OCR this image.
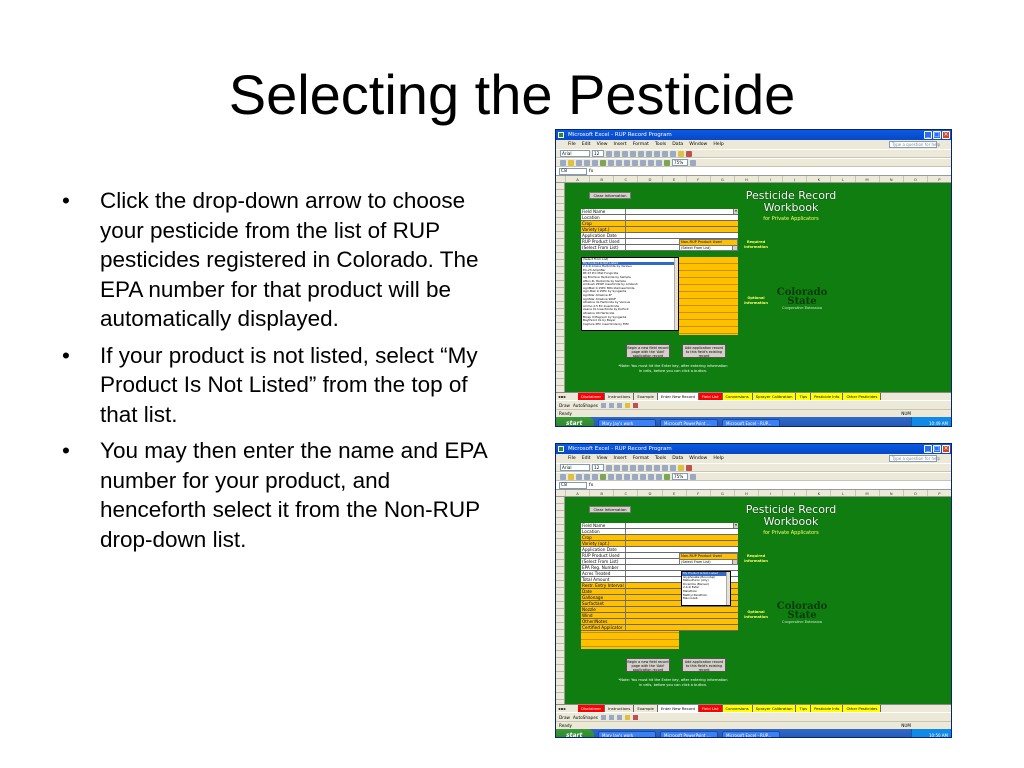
Selecting the Pesticide
• Click the drop-down arrow to choose your pesticide from the list of RUP pesticides registered in Colorado. The EPA number for that product will be automatically displayed.
• If your product is not listed, select “My Product Is Not Listed” from the top of that list.
• You may then enter the name and EPA number for your product, and henceforth select it from the Non-RUP drop-down list.
Microsoft Excel - RUP Record Program	_ □ ×
File Edit View Insert Format Tools Data Window Help	Type a question for help
Arial	12
75%
C8	fx
A	B	C	D	E	F	G	H	I	J	K	L	M	N	O	P
Clear Information	Pesticide Record Workbook
for Private Applicators
Required Information
Optional Information
Colorado State
Cooperative Extension
Field Name	▾
Location
Crop
Variety (opt.)
Application Date
RUP Product Used
(Select From List)
Non-RUP Product Used
(Select From List)
(Select From List)
My Product Is Not Listed
2,4-D Amine Herbicide by Various
EC-23 Amplifier
RT-23 Pro Mist Fungicide
Ag Bromine Herbicide by Sample
Afton 4L Herbicide by Sample
Ambush 25WP Insecticide by Ambush
AgriMek 0.15EC Miticide/Insecticide
Agri-Mek 0.15EC by Syngenta
AgriStar Atrazine 4F
AgriStar Atrazine 90DF
Atrazine 4L Herbicide by Various
Ammo 2.5 EC Insecticide
Asana XL Insecticide by DuPont
Atrazine 90 Herbicide
Bicep II Magnum by Syngenta
Baythroid XL by Bayer
Capture 2EC Insecticide by FMC
Begin a new field record page with the 'Add' application record
Add application record to this field's existing record
*Note: You must hit the Enter key, after entering information in cells, before you can click a button.
◂◂▸▸	Disclaimer	Instructions	Example	Enter New Record	Field List	Conversions	Sprayer Calibration	Tips	Pesticide Info	Other Pesticides
Draw AutoShapes
Ready	NUM
start	Mary Jay's work	Microsoft PowerPoint ...	Microsoft Excel - RUP...	10:49 AM
Microsoft Excel - RUP Record Program	_ □ ×
File Edit View Insert Format Tools Data Window Help	Type a question for help
Arial	12
75%
C8	fx
A	B	C	D	E	F	G	H	I	J	K	L	M	N	O	P
Clear Information	Pesticide Record Workbook
for Private Applicators
Required Information
Optional Information
Colorado State
Cooperative Extension
Field Name	▾
Location
Crop
Variety (opt.)
Application Date
RUP Product Used
(Select From List)
EPA Reg. Number
Acres Treated
Total Amount
Restr. Entry Interval
Date
Gallonage
Surfactant
Nozzle
Wind
Other/Notes
Certified Applicator
Non-RUP Product Used
(Select From List)
My Product Is Not Listed
Glyphosate (Roundup)
Metsulfuron (Ally)
Dicamba (Banvel)
2,4-D Ester
Malathion
Methyl Parathion
Mancozeb
Begin a new field record page with the 'Add' application record
Add application record to this field's existing record
*Note: You must hit the Enter key, after entering information in cells, before you can click a button.
◂◂▸▸	Disclaimer	Instructions	Example	Enter New Record	Field List	Conversions	Sprayer Calibration	Tips	Pesticide Info	Other Pesticides
Draw AutoShapes
Ready	NUM
start	Mary Jay's work	Microsoft PowerPoint ...	Microsoft Excel - RUP...	10:50 AM
